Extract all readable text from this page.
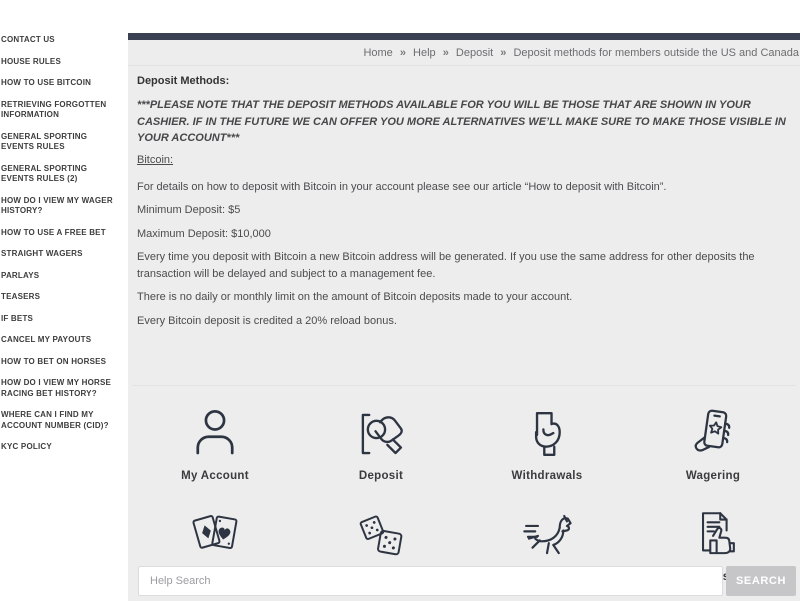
CONTACT US
HOUSE RULES
HOW TO USE BITCOIN
RETRIEVING FORGOTTEN INFORMATION
GENERAL SPORTING EVENTS RULES
GENERAL SPORTING EVENTS RULES (2)
HOW DO I VIEW MY WAGER HISTORY?
HOW TO USE A FREE BET
STRAIGHT WAGERS
PARLAYS
TEASERS
IF BETS
CANCEL MY PAYOUTS
HOW TO BET ON HORSES
HOW DO I VIEW MY HORSE RACING BET HISTORY?
WHERE CAN I FIND MY ACCOUNT NUMBER (CID)?
KYC POLICY
Home » Help » Deposit » Deposit methods for members outside the US and Canada
Deposit Methods:

***PLEASE NOTE THAT THE DEPOSIT METHODS AVAILABLE FOR YOU WILL BE THOSE THAT ARE SHOWN IN YOUR CASHIER. IF IN THE FUTURE WE CAN OFFER YOU MORE ALTERNATIVES WE’LL MAKE SURE TO MAKE THOSE VISIBLE IN YOUR ACCOUNT***

Bitcoin:

For details on how to deposit with Bitcoin in your account please see our article “How to deposit with Bitcoin”.

Minimum Deposit: $5

Maximum Deposit: $10,000

Every time you deposit with Bitcoin a new Bitcoin address will be generated. If you use the same address for other deposits the transaction will be delayed and subject to a management fee.

There is no daily or monthly limit on the amount of Bitcoin deposits made to your account.

Every Bitcoin deposit is credited a 20% reload bonus.

My Account	Deposit	Withdrawals	Wagering
Help Search
SEARCH
